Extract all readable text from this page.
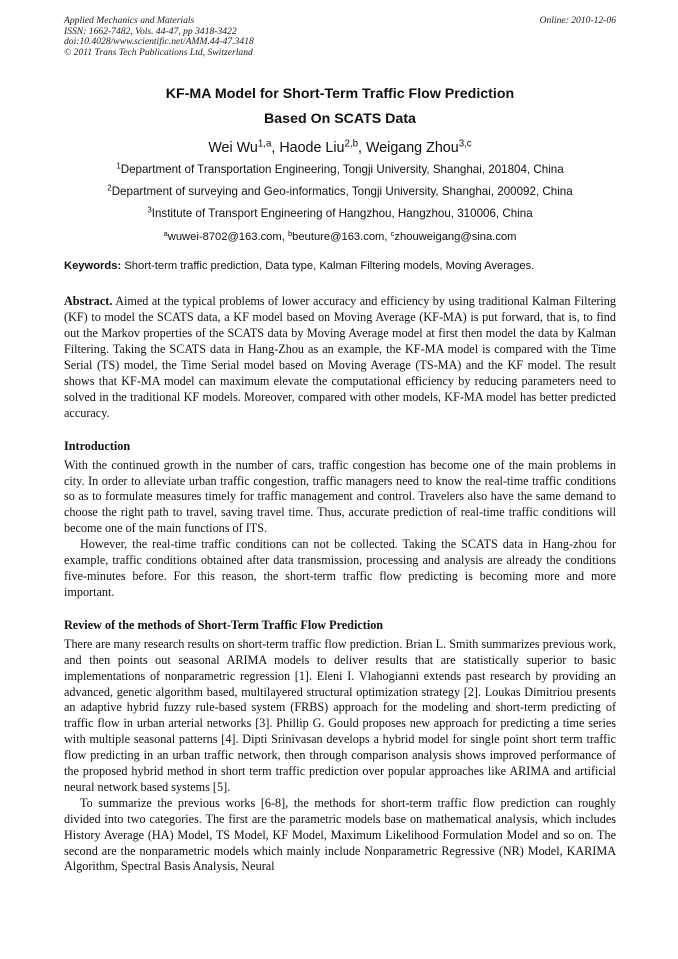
Applied Mechanics and Materials
ISSN: 1662-7482, Vols. 44-47, pp 3418-3422
doi:10.4028/www.scientific.net/AMM.44-47.3418
© 2011 Trans Tech Publications Ltd, Switzerland
Online: 2010-12-06
KF-MA Model for Short-Term Traffic Flow Prediction
Based On SCATS Data
Wei Wu$^{1,a}$, Haode Liu$^{2,b}$, Weigang Zhou$^{3,c}$
$^1$Department of Transportation Engineering, Tongji University, Shanghai, 201804, China
$^2$Department of surveying and Geo-informatics, Tongji University, Shanghai, 200092, China
$^3$Institute of Transport Engineering of Hangzhou, Hangzhou, 310006, China
$^a$wuwei-8702@163.com, $^b$beuture@163.com, $^c$zhouweigang@sina.com
Keywords: Short-term traffic prediction, Data type, Kalman Filtering models, Moving Averages.

Abstract. Aimed at the typical problems of lower accuracy and efficiency by using traditional Kalman Filtering (KF) to model the SCATS data, a KF model based on Moving Average (KF-MA) is put forward, that is, to find out the Markov properties of the SCATS data by Moving Average model at first then model the data by Kalman Filtering. Taking the SCATS data in Hang-Zhou as an example, the KF-MA model is compared with the Time Serial (TS) model, the Time Serial model based on Moving Average (TS-MA) and the KF model. The result shows that KF-MA model can maximum elevate the computational efficiency by reducing parameters need to solved in the traditional KF models. Moreover, compared with other models, KF-MA model has better predicted accuracy.

Introduction

With the continued growth in the number of cars, traffic congestion has become one of the main problems in city. In order to alleviate urban traffic congestion, traffic managers need to know the real-time traffic conditions so as to formulate measures timely for traffic management and control. Travelers also have the same demand to choose the right path to travel, saving travel time. Thus, accurate prediction of real-time traffic conditions will become one of the main functions of ITS.

However, the real-time traffic conditions can not be collected. Taking the SCATS data in Hang-zhou for example, traffic conditions obtained after data transmission, processing and analysis are already the conditions five-minutes before. For this reason, the short-term traffic flow predicting is becoming more and more important.

Review of the methods of Short-Term Traffic Flow Prediction

There are many research results on short-term traffic flow prediction. Brian L. Smith summarizes previous work, and then points out seasonal ARIMA models to deliver results that are statistically superior to basic implementations of nonparametric regression [1]. Eleni I. Vlahogianni extends past research by providing an advanced, genetic algorithm based, multilayered structural optimization strategy [2]. Loukas Dimitriou presents an adaptive hybrid fuzzy rule-based system (FRBS) approach for the modeling and short-term predicting of traffic flow in urban arterial networks [3]. Phillip G. Gould proposes new approach for predicting a time series with multiple seasonal patterns [4]. Dipti Srinivasan develops a hybrid model for single point short term traffic flow predicting in an urban traffic network, then through comparison analysis shows improved performance of the proposed hybrid method in short term traffic prediction over popular approaches like ARIMA and artificial neural network based systems [5].

To summarize the previous works [6-8], the methods for short-term traffic flow prediction can roughly divided into two categories. The first are the parametric models base on mathematical analysis, which includes History Average (HA) Model, TS Model, KF Model, Maximum Likelihood Formulation Model and so on. The second are the nonparametric models which mainly include Nonparametric Regressive (NR) Model, KARIMA Algorithm, Spectral Basis Analysis, Neural
